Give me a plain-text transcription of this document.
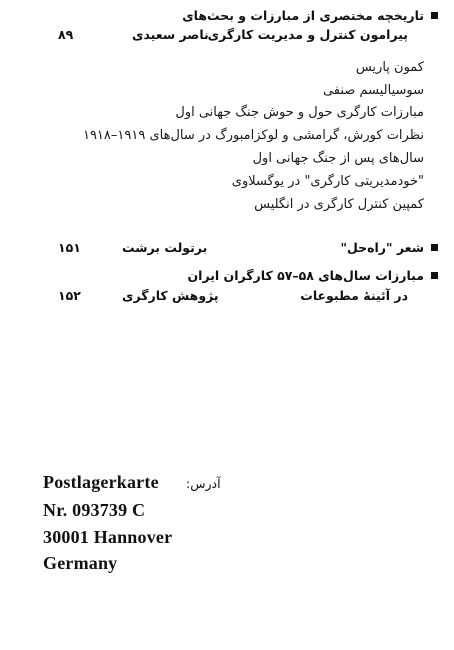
تاریخچه مختصری از مبارزات و بحث‌های
پیرامون کنترل و مدیریت کارگری
ناصر سعیدی
۸۹
کمون پاریس
سوسیالیسم صنفی
مبارزات کارگری حول و حوش جنگ جهانی اول
نظرات کورش، گرامشی و لوکزامبورگ در سال‌های ۱۹۱۹–۱۹۱۸
سال‌های پس از جنگ جهانی اول
"خودمدیریتی کارگری" در یوگسلاوی
کمپین کنترل کارگری در انگلیس
شعر "راه‌حل"
برتولت برشت
۱۵۱
مبارزات سال‌های ۵۸–۵۷ کارگران ایران
در آئینهٔ مطبوعات
پژوهش کارگری
۱۵۲
آدرس:
Postlagerkarte
Nr. 093739 C
30001 Hannover
Germany
